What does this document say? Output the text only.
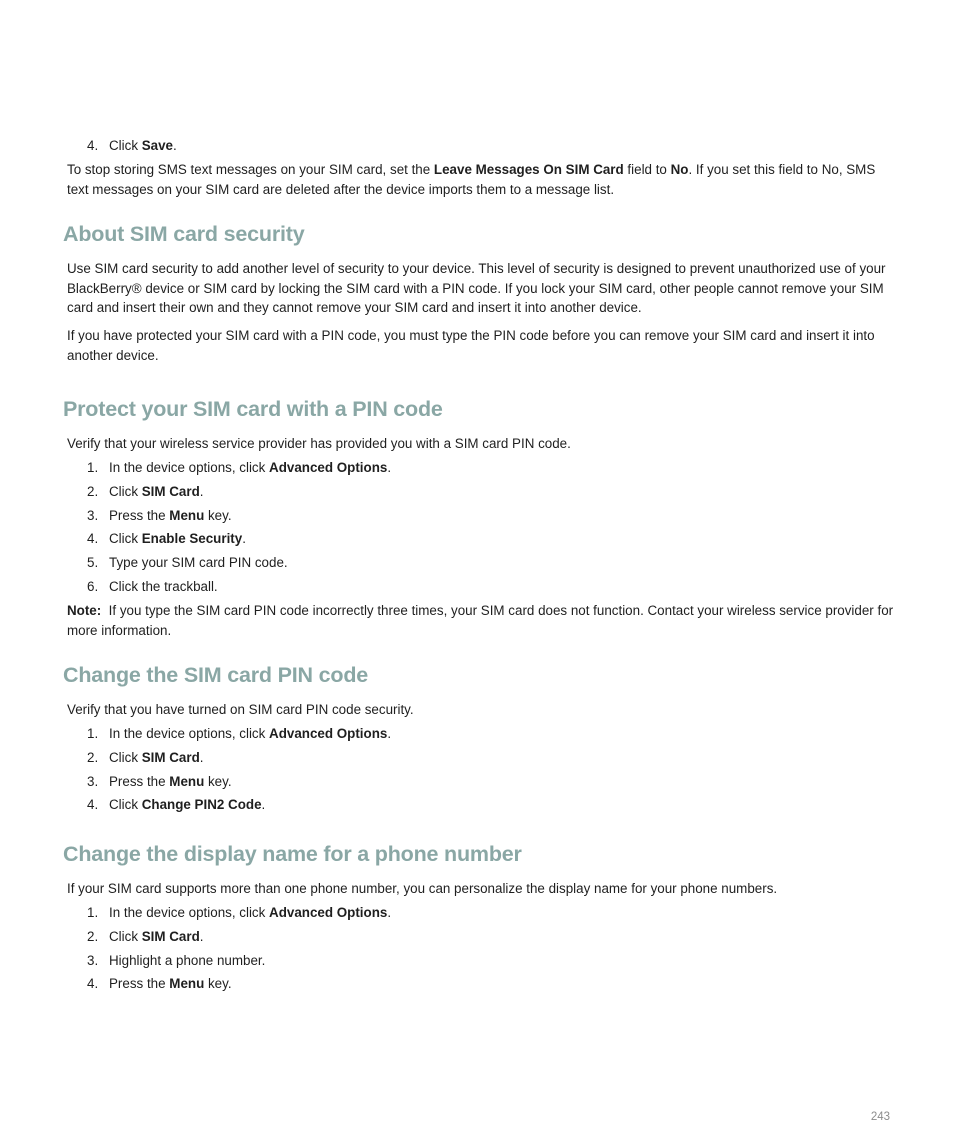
4. Click Save.

To stop storing SMS text messages on your SIM card, set the Leave Messages On SIM Card field to No. If you set this field to No, SMS text messages on your SIM card are deleted after the device imports them to a message list.

About SIM card security

Use SIM card security to add another level of security to your device. This level of security is designed to prevent unauthorized use of your BlackBerry® device or SIM card by locking the SIM card with a PIN code. If you lock your SIM card, other people cannot remove your SIM card and insert their own and they cannot remove your SIM card and insert it into another device.

If you have protected your SIM card with a PIN code, you must type the PIN code before you can remove your SIM card and insert it into another device.

Protect your SIM card with a PIN code

Verify that your wireless service provider has provided you with a SIM card PIN code.

1. In the device options, click Advanced Options.
2. Click SIM Card.
3. Press the Menu key.
4. Click Enable Security.
5. Type your SIM card PIN code.
6. Click the trackball.

Note: If you type the SIM card PIN code incorrectly three times, your SIM card does not function. Contact your wireless service provider for more information.

Change the SIM card PIN code

Verify that you have turned on SIM card PIN code security.

1. In the device options, click Advanced Options.
2. Click SIM Card.
3. Press the Menu key.
4. Click Change PIN2 Code.
Change the display name for a phone number

If your SIM card supports more than one phone number, you can personalize the display name for your phone numbers.

1. In the device options, click Advanced Options.
2. Click SIM Card.
3. Highlight a phone number.
4. Press the Menu key.
243
